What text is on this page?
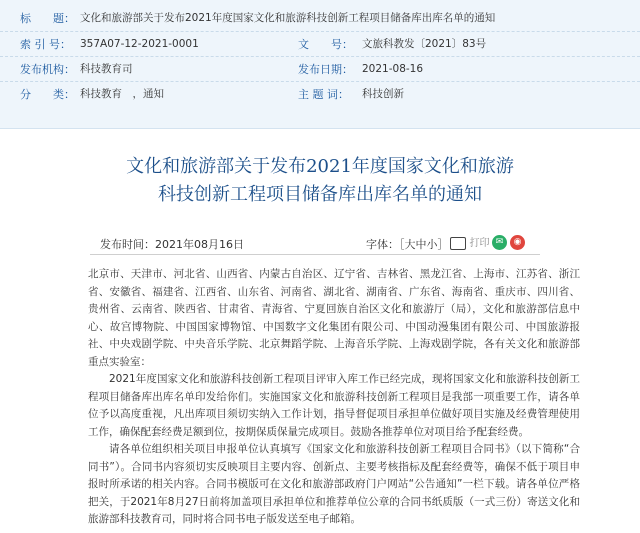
标　　题： 文化和旅游部关于发布2021年度国家文化和旅游科技创新工程项目储备库出库名单的通知
索 引 号： 357A07-12-2021-0001	文　　号： 文旅科教发〔2021〕83号
发布机构： 科技教育司	发布日期： 2021-08-16
分　　类： 科技教育　，通知	主 题 词： 科技创新
文化和旅游部关于发布2021年度国家文化和旅游
科技创新工程项目储备库出库名单的通知
发布时间：2021年08月16日	字体：［大中小］	打印 ✉	◉

北京市、天津市、河北省、山西省、内蒙古自治区、辽宁省、吉林省、黑龙江省、上海市、江苏省、浙江省、安徽省、福建省、江西省、山东省、河南省、湖北省、湖南省、广东省、海南省、重庆市、四川省、贵州省、云南省、陕西省、甘肃省、青海省、宁夏回族自治区文化和旅游厅（局），文化和旅游部信息中心、故宫博物院、中国国家博物馆、中国数字文化集团有限公司、中国动漫集团有限公司、中国旅游报社、中央戏剧学院、中央音乐学院、北京舞蹈学院、上海音乐学院、上海戏剧学院，各有关文化和旅游部重点实验室：

2021年度国家文化和旅游科技创新工程项目评审入库工作已经完成，现将国家文化和旅游科技创新工程项目储备库出库名单印发给你们。实施国家文化和旅游科技创新工程项目是我部一项重要工作，请各单位予以高度重视，凡出库项目须切实纳入工作计划，指导督促项目承担单位做好项目实施及经费管理使用工作，确保配套经费足额到位，按期保质保量完成项目。鼓励各推荐单位对项目给予配套经费。

请各单位组织相关项目申报单位认真填写《国家文化和旅游科技创新工程项目合同书》（以下简称“合同书”）。合同书内容须切实反映项目主要内容、创新点、主要考核指标及配套经费等，确保不低于项目申报时所承诺的相关内容。合同书模版可在文化和旅游部政府门户网站“公告通知”一栏下载。请各单位严格把关，于2021年8月27日前将加盖项目承担单位和推荐单位公章的合同书纸质版（一式三份）寄送文化和旅游部科技教育司，同时将合同书电子版发送至电子邮箱。
